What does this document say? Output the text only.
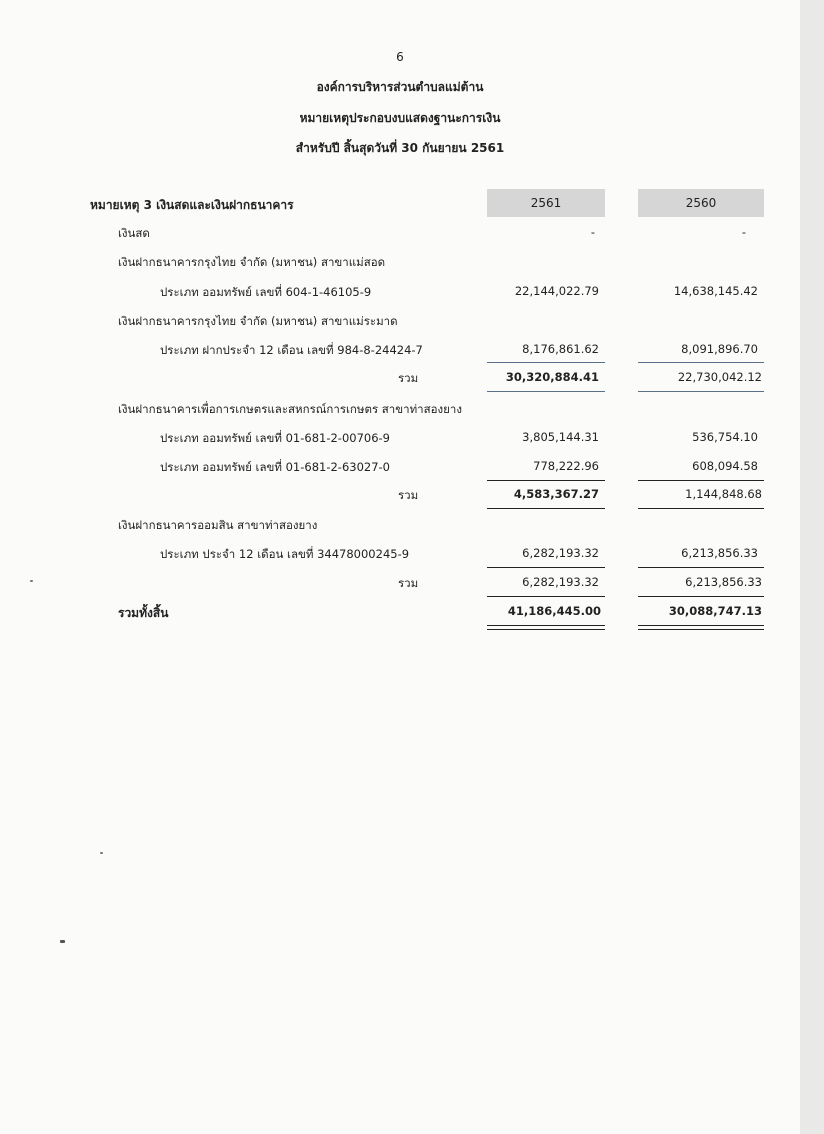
6
องค์การบริหารส่วนตำบลแม่ต้าน
หมายเหตุประกอบงบแสดงฐานะการเงิน
สำหรับปี สิ้นสุดวันที่ 30 กันยายน 2561
หมายเหตุ 3 เงินสดและเงินฝากธนาคาร	2561	2560
เงินสด	-	-
เงินฝากธนาคารกรุงไทย จำกัด (มหาชน) สาขาแม่สอด
ประเภท ออมทรัพย์ เลขที่ 604-1-46105-9	22,144,022.79	14,638,145.42
เงินฝากธนาคารกรุงไทย จำกัด (มหาชน) สาขาแม่ระมาด
ประเภท ฝากประจำ 12 เดือน เลขที่ 984-8-24424-7	8,176,861.62	8,091,896.70
รวม	30,320,884.41	22,730,042.12
เงินฝากธนาคารเพื่อการเกษตรและสหกรณ์การเกษตร สาขาท่าสองยาง
ประเภท ออมทรัพย์ เลขที่ 01-681-2-00706-9	3,805,144.31	536,754.10
ประเภท ออมทรัพย์ เลขที่ 01-681-2-63027-0	778,222.96	608,094.58
รวม	4,583,367.27	1,144,848.68
เงินฝากธนาคารออมสิน สาขาท่าสองยาง
ประเภท ประจำ 12 เดือน เลขที่ 34478000245-9	6,282,193.32	6,213,856.33
รวม	6,282,193.32	6,213,856.33
รวมทั้งสิ้น	41,186,445.00	30,088,747.13
